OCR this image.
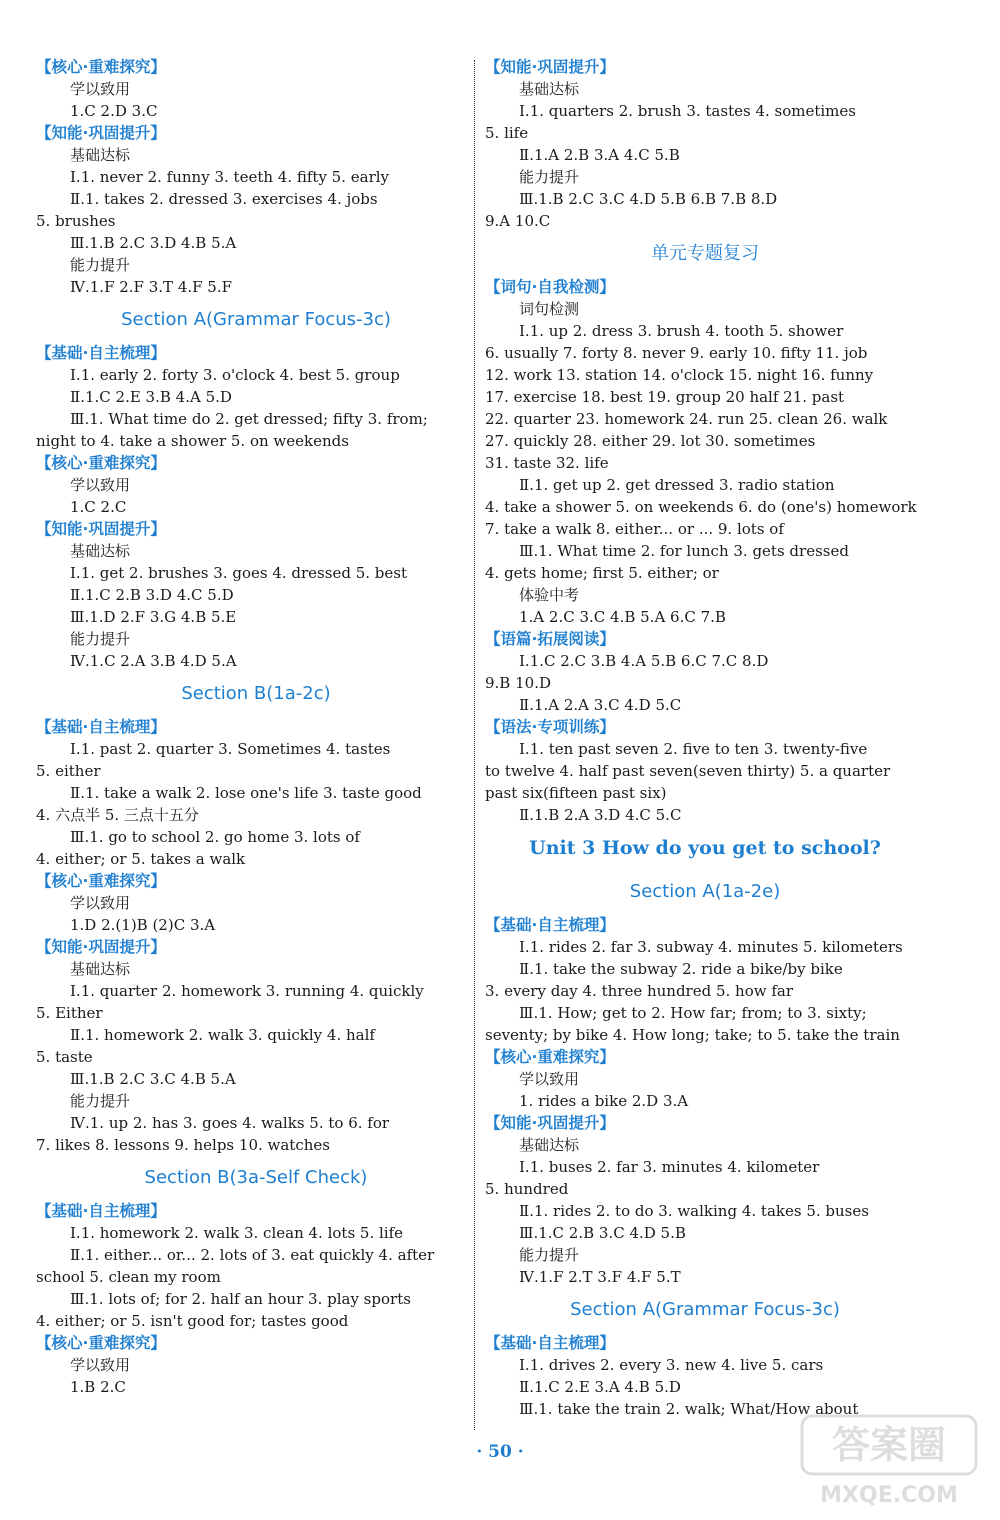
【核心·重难探究】
学以致用
1.C 2.D 3.C
【知能·巩固提升】
基础达标
Ⅰ.1. never 2. funny 3. teeth 4. fifty 5. early
Ⅱ.1. takes 2. dressed 3. exercises 4. jobs
5. brushes
Ⅲ.1.B 2.C 3.D 4.B 5.A
能力提升
Ⅳ.1.F 2.F 3.T 4.F 5.F
Section A(Grammar Focus-3c)
【基础·自主梳理】
Ⅰ.1. early 2. forty 3. o'clock 4. best 5. group
Ⅱ.1.C 2.E 3.B 4.A 5.D
Ⅲ.1. What time do 2. get dressed; fifty 3. from;
night to 4. take a shower 5. on weekends
【核心·重难探究】
学以致用
1.C 2.C
【知能·巩固提升】
基础达标
Ⅰ.1. get 2. brushes 3. goes 4. dressed 5. best
Ⅱ.1.C 2.B 3.D 4.C 5.D
Ⅲ.1.D 2.F 3.G 4.B 5.E
能力提升
Ⅳ.1.C 2.A 3.B 4.D 5.A
Section B(1a-2c)
【基础·自主梳理】
Ⅰ.1. past 2. quarter 3. Sometimes 4. tastes
5. either
Ⅱ.1. take a walk 2. lose one's life 3. taste good
4. 六点半 5. 三点十五分
Ⅲ.1. go to school 2. go home 3. lots of
4. either; or 5. takes a walk
【核心·重难探究】
学以致用
1.D 2.(1)B (2)C 3.A
【知能·巩固提升】
基础达标
Ⅰ.1. quarter 2. homework 3. running 4. quickly
5. Either
Ⅱ.1. homework 2. walk 3. quickly 4. half
5. taste
Ⅲ.1.B 2.C 3.C 4.B 5.A
能力提升
Ⅳ.1. up 2. has 3. goes 4. walks 5. to 6. for
7. likes 8. lessons 9. helps 10. watches
Section B(3a-Self Check)
【基础·自主梳理】
Ⅰ.1. homework 2. walk 3. clean 4. lots 5. life
Ⅱ.1. either... or... 2. lots of 3. eat quickly 4. after
school 5. clean my room
Ⅲ.1. lots of; for 2. half an hour 3. play sports
4. either; or 5. isn't good for; tastes good
【核心·重难探究】
学以致用
1.B 2.C
【知能·巩固提升】
基础达标
Ⅰ.1. quarters 2. brush 3. tastes 4. sometimes
5. life
Ⅱ.1.A 2.B 3.A 4.C 5.B
能力提升
Ⅲ.1.B 2.C 3.C 4.D 5.B 6.B 7.B 8.D
9.A 10.C
单元专题复习
【词句·自我检测】
词句检测
Ⅰ.1. up 2. dress 3. brush 4. tooth 5. shower
6. usually 7. forty 8. never 9. early 10. fifty 11. job
12. work 13. station 14. o'clock 15. night 16. funny
17. exercise 18. best 19. group 20 half 21. past
22. quarter 23. homework 24. run 25. clean 26. walk
27. quickly 28. either 29. lot 30. sometimes
31. taste 32. life
Ⅱ.1. get up 2. get dressed 3. radio station
4. take a shower 5. on weekends 6. do (one's) homework
7. take a walk 8. either... or ... 9. lots of
Ⅲ.1. What time 2. for lunch 3. gets dressed
4. gets home; first 5. either; or
体验中考
1.A 2.C 3.C 4.B 5.A 6.C 7.B
【语篇·拓展阅读】
Ⅰ.1.C 2.C 3.B 4.A 5.B 6.C 7.C 8.D
9.B 10.D
Ⅱ.1.A 2.A 3.C 4.D 5.C
【语法·专项训练】
Ⅰ.1. ten past seven 2. five to ten 3. twenty-five
to twelve 4. half past seven(seven thirty) 5. a quarter
past six(fifteen past six)
Ⅱ.1.B 2.A 3.D 4.C 5.C
Unit 3 How do you get to school?
Section A(1a-2e)
【基础·自主梳理】
Ⅰ.1. rides 2. far 3. subway 4. minutes 5. kilometers
Ⅱ.1. take the subway 2. ride a bike/by bike
3. every day 4. three hundred 5. how far
Ⅲ.1. How; get to 2. How far; from; to 3. sixty;
seventy; by bike 4. How long; take; to 5. take the train
【核心·重难探究】
学以致用
1. rides a bike 2.D 3.A
【知能·巩固提升】
基础达标
Ⅰ.1. buses 2. far 3. minutes 4. kilometer
5. hundred
Ⅱ.1. rides 2. to do 3. walking 4. takes 5. buses
Ⅲ.1.C 2.B 3.C 4.D 5.B
能力提升
Ⅳ.1.F 2.T 3.F 4.F 5.T
Section A(Grammar Focus-3c)
【基础·自主梳理】
Ⅰ.1. drives 2. every 3. new 4. live 5. cars
Ⅱ.1.C 2.E 3.A 4.B 5.D
Ⅲ.1. take the train 2. walk; What/How about
· 50 ·	答案圈
MXQE.COM
